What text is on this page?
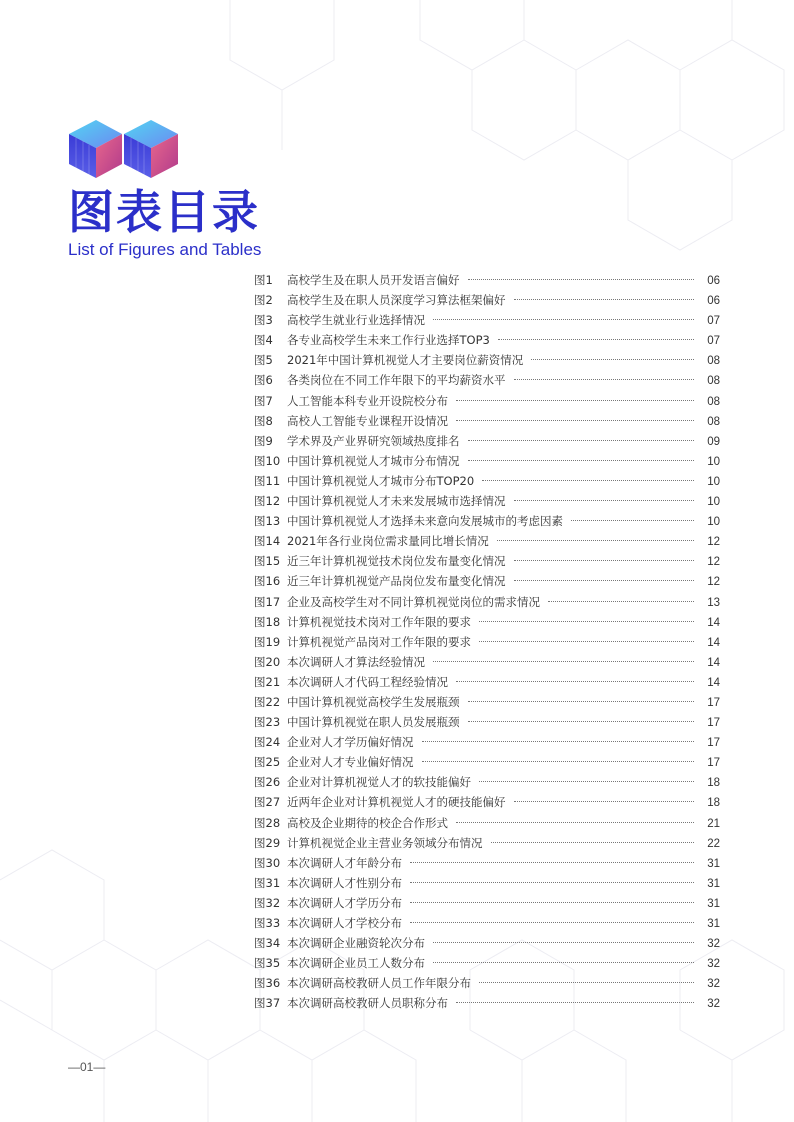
图表目录
List of Figures and Tables
图1	高校学生及在职人员开发语言偏好	06
图2	高校学生及在职人员深度学习算法框架偏好	06
图3	高校学生就业行业选择情况	07
图4	各专业高校学生未来工作行业选择TOP3	07
图5	2021年中国计算机视觉人才主要岗位薪资情况	08
图6	各类岗位在不同工作年限下的平均薪资水平	08
图7	人工智能本科专业开设院校分布	08
图8	高校人工智能专业课程开设情况	08
图9	学术界及产业界研究领域热度排名	09
图10 中国计算机视觉人才城市分布情况	10
图11 中国计算机视觉人才城市分布TOP20	10
图12 中国计算机视觉人才未来发展城市选择情况	10
图13 中国计算机视觉人才选择未来意向发展城市的考虑因素	10
图14 2021年各行业岗位需求量同比增长情况	12
图15 近三年计算机视觉技术岗位发布量变化情况	12
图16 近三年计算机视觉产品岗位发布量变化情况	12
图17 企业及高校学生对不同计算机视觉岗位的需求情况	13
图18 计算机视觉技术岗对工作年限的要求	14
图19 计算机视觉产品岗对工作年限的要求	14
图20 本次调研人才算法经验情况	14
图21 本次调研人才代码工程经验情况	14
图22 中国计算机视觉高校学生发展瓶颈	17
图23 中国计算机视觉在职人员发展瓶颈	17
图24 企业对人才学历偏好情况	17
图25 企业对人才专业偏好情况	17
图26 企业对计算机视觉人才的软技能偏好	18
图27 近两年企业对计算机视觉人才的硬技能偏好	18
图28 高校及企业期待的校企合作形式	21
图29 计算机视觉企业主营业务领域分布情况	22
图30 本次调研人才年龄分布	31
图31 本次调研人才性别分布	31
图32 本次调研人才学历分布	31
图33 本次调研人才学校分布	31
图34 本次调研企业融资轮次分布	32
图35 本次调研企业员工人数分布	32
图36 本次调研高校教研人员工作年限分布	32
图37 本次调研高校教研人员职称分布	32
—01—
